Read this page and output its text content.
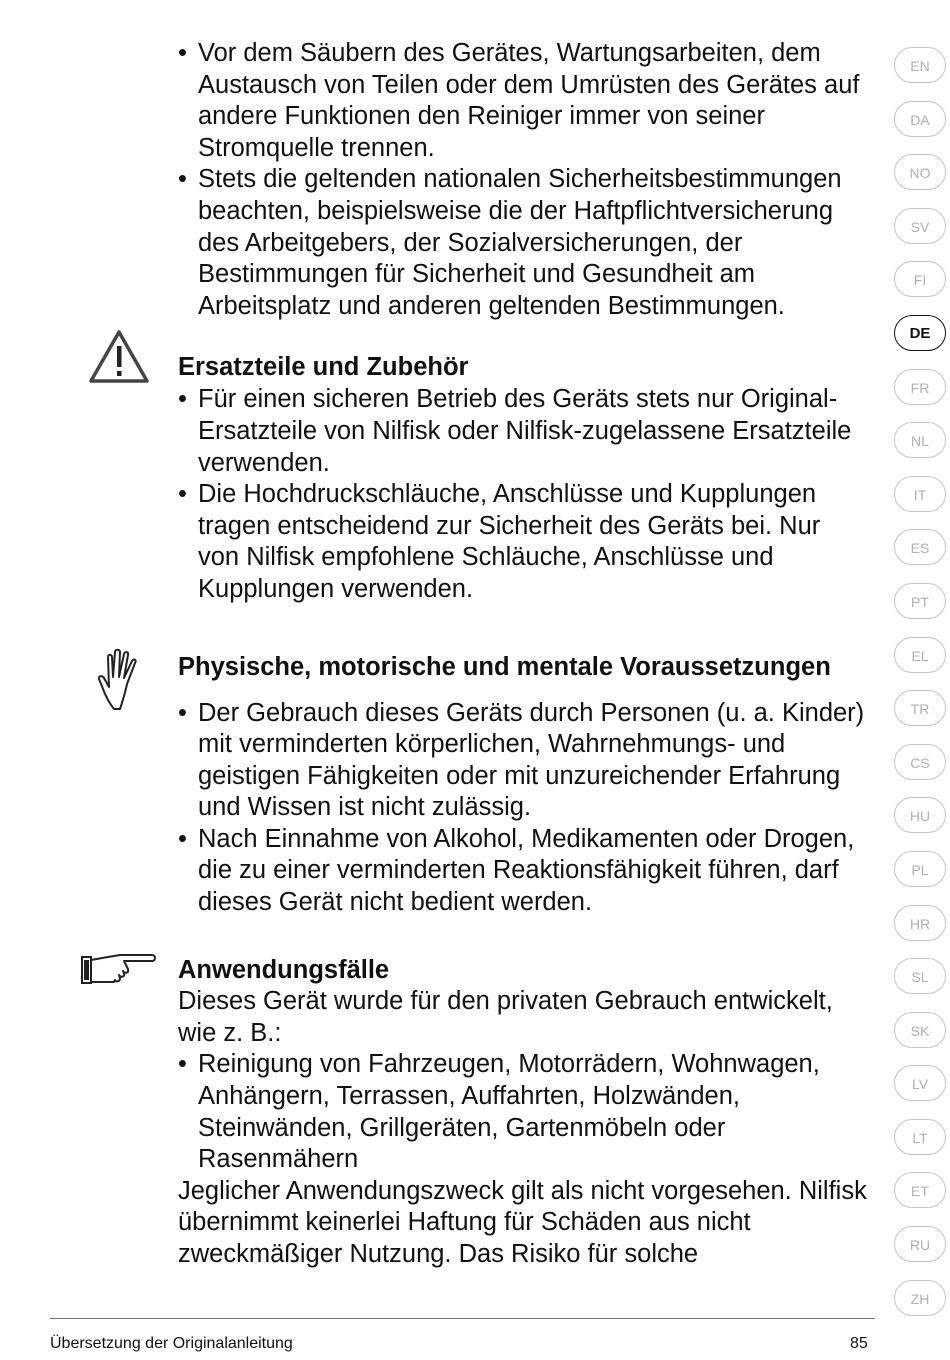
• Vor dem Säubern des Gerätes, Wartungsarbeiten, dem Austausch von Teilen oder dem Umrüsten des Gerätes auf andere Funktionen den Reiniger immer von seiner Stromquelle trennen.
• Stets die geltenden nationalen Sicherheitsbestimmungen beachten, beispielsweise die der Haftpflichtversicherung des Arbeitgebers, der Sozialversicherungen, der Bestimmungen für Sicherheit und Gesundheit am Arbeitsplatz und anderen geltenden Bestimmungen.
Ersatzteile und Zubehör
• Für einen sicheren Betrieb des Geräts stets nur Original-Ersatzteile von Nilfisk oder Nilfisk-zugelassene Ersatzteile verwenden.
• Die Hochdruckschläuche, Anschlüsse und Kupplungen tragen entscheidend zur Sicherheit des Geräts bei. Nur von Nilfisk empfohlene Schläuche, Anschlüsse und Kupplungen verwenden.
Physische, motorische und mentale Voraussetzungen
• Der Gebrauch dieses Geräts durch Personen (u. a. Kinder) mit verminderten körperlichen, Wahrnehmungs- und geistigen Fähigkeiten oder mit unzureichender Erfahrung und Wissen ist nicht zulässig.
• Nach Einnahme von Alkohol, Medikamenten oder Drogen, die zu einer verminderten Reaktionsfähigkeit führen, darf dieses Gerät nicht bedient werden.
Anwendungsfälle

Dieses Gerät wurde für den privaten Gebrauch entwickelt, wie z. B.:

• Reinigung von Fahrzeugen, Motorrädern, Wohnwagen, Anhängern, Terrassen, Auffahrten, Holzwänden, Steinwänden, Grillgeräten, Gartenmöbeln oder Rasenmähern

Jeglicher Anwendungszweck gilt als nicht vorgesehen. Nilfisk übernimmt keinerlei Haftung für Schäden aus nicht zweckmäßiger Nutzung. Das Risiko für solche

EN
DA
NO
SV
FI
DE
FR
NL
IT
ES
PT
EL
TR
CS
HU
PL
HR
SL
SK
LV
LT
ET
RU
ZH
Übersetzung der Originalanleitung	85
